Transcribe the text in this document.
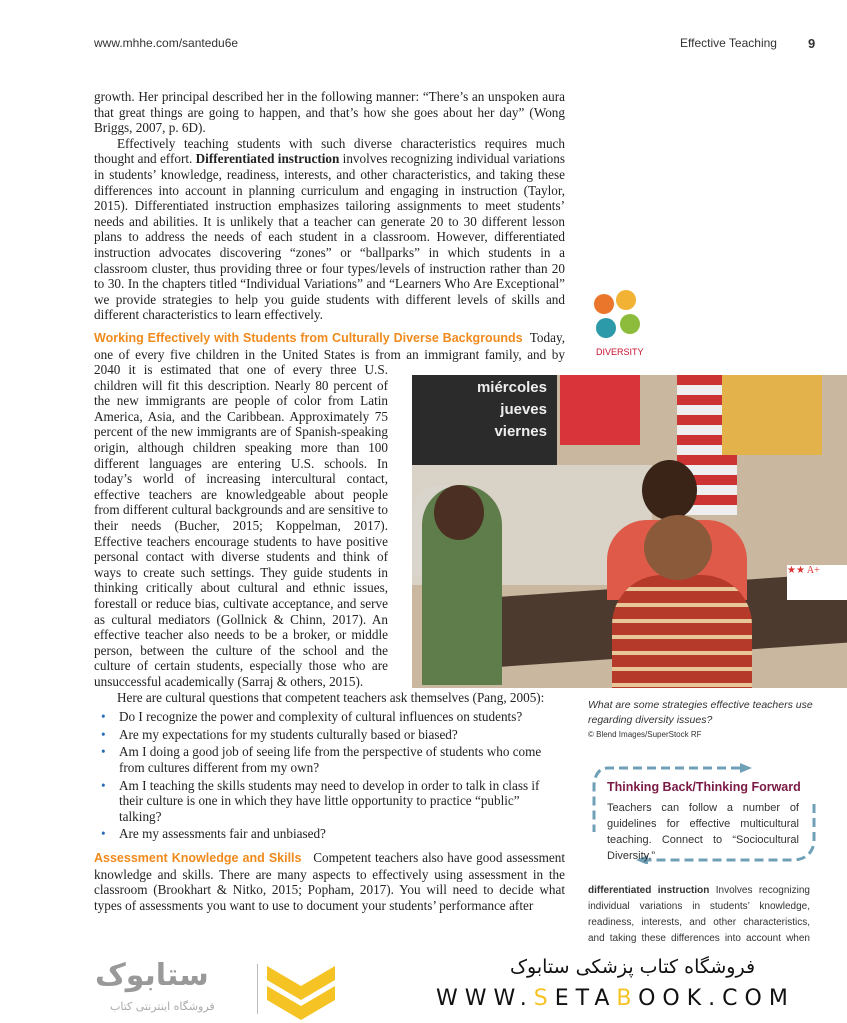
www.mhhe.com/santedu6e	Effective Teaching 9

growth. Her principal described her in the following manner: “There’s an unspoken aura that great things are going to happen, and that’s how she goes about her day” (Wong Briggs, 2007, p. 6D).

Effectively teaching students with such diverse characteristics requires much thought and effort. Differentiated instruction involves recognizing individual variations in students’ knowledge, readiness, interests, and other characteristics, and taking these differences into account in planning curriculum and engaging in instruction (Taylor, 2015). Differentiated instruction emphasizes tailoring assignments to meet students’ needs and abilities. It is unlikely that a teacher can generate 20 to 30 different lesson plans to address the needs of each student in a classroom. However, differentiated instruction advocates discovering “zones” or “ballparks” in which students in a classroom cluster, thus providing three or four types/levels of instruction rather than 20 to 30. In the chapters titled “Individual Variations” and “Learners Who Are Exceptional” we provide strategies to help you guide students with different levels of skills and different characteristics to learn effectively.

Working Effectively with Students from Culturally Diverse Backgrounds Today, one of every five children in the United States is from an immigrant family, and by

2040 it is estimated that one of every three U.S. children will fit this description. Nearly 80 percent of the new immigrants are people of color from Latin America, Asia, and the Caribbean. Approximately 75 percent of the new immigrants are of Spanish-speaking origin, although children speaking more than 100 different languages are entering U.S. schools. In today’s world of increasing intercultural contact, effective teachers are knowledgeable about people from different cultural backgrounds and are sensitive to their needs (Bucher, 2015; Koppelman, 2017). Effective teachers encourage students to have positive personal contact with diverse students and think of ways to create such settings. They guide students in thinking critically about cultural and ethnic issues, forestall or reduce bias, cultivate acceptance, and serve as cultural mediators (Gollnick & Chinn, 2017). An effective teacher also needs to be a broker, or middle person, between the culture of the school and the culture of certain students, especially those who are unsuccessful academically (Sarraj & others, 2015).

Here are cultural questions that competent teachers ask themselves (Pang, 2005):

• Do I recognize the power and complexity of cultural influences on students?
• Are my expectations for my students culturally based or biased?
• Am I doing a good job of seeing life from the perspective of students who come from cultures different from my own?
• Am I teaching the skills students may need to develop in order to talk in class if their culture is one in which they have little opportunity to practice “public” talking?
• Are my assessments fair and unbiased?

Assessment Knowledge and Skills Competent teachers also have good assessment knowledge and skills. There are many aspects to effectively using assessment in the classroom (Brookhart & Nitko, 2015; Popham, 2017). You will need to decide what types of assessments you want to use to document your students’ performance after

DIVERSITY
miércoles
jueves
viernes
★★ A+
What are some strategies effective teachers use regarding diversity issues?
© Blend Images/SuperStock RF
Thinking Back/Thinking Forward
Teachers can follow a number of guidelines for effective multicultural teaching. Connect to “Sociocultural Diversity.”
differentiated instruction Involves recognizing individual variations in students’ knowledge, readiness, interests, and other characteristics, and taking these differences into account when
ستابوک
فروشگاه اینترنتی کتاب
فروشگاه کتاب پزشکی ستابوک
WWW.SETABOOK.COM
